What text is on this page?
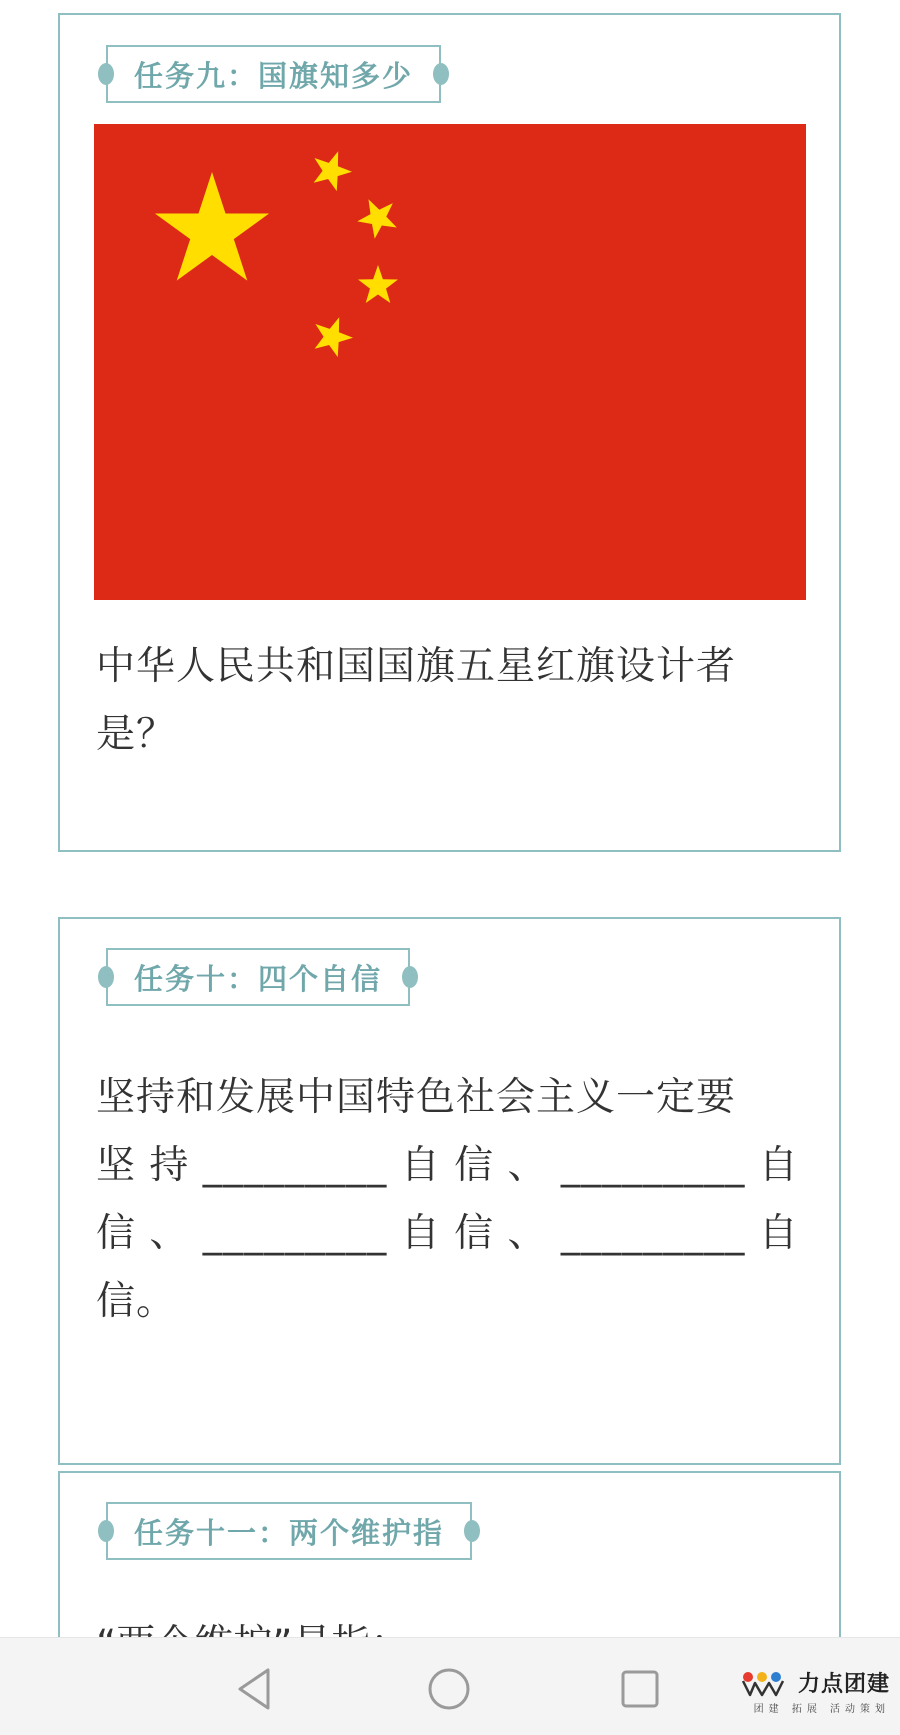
任务九：国旗知多少
中华人民共和国国旗五星红旗设计者
是？
任务十：四个自信
坚持和发展中国特色社会主义一定要
坚 持 _________ 自 信 、 _________ 自
信 、 _________ 自 信 、 _________ 自
信。
任务十一：两个维护指
力点团建
团建 拓展 活动策划
